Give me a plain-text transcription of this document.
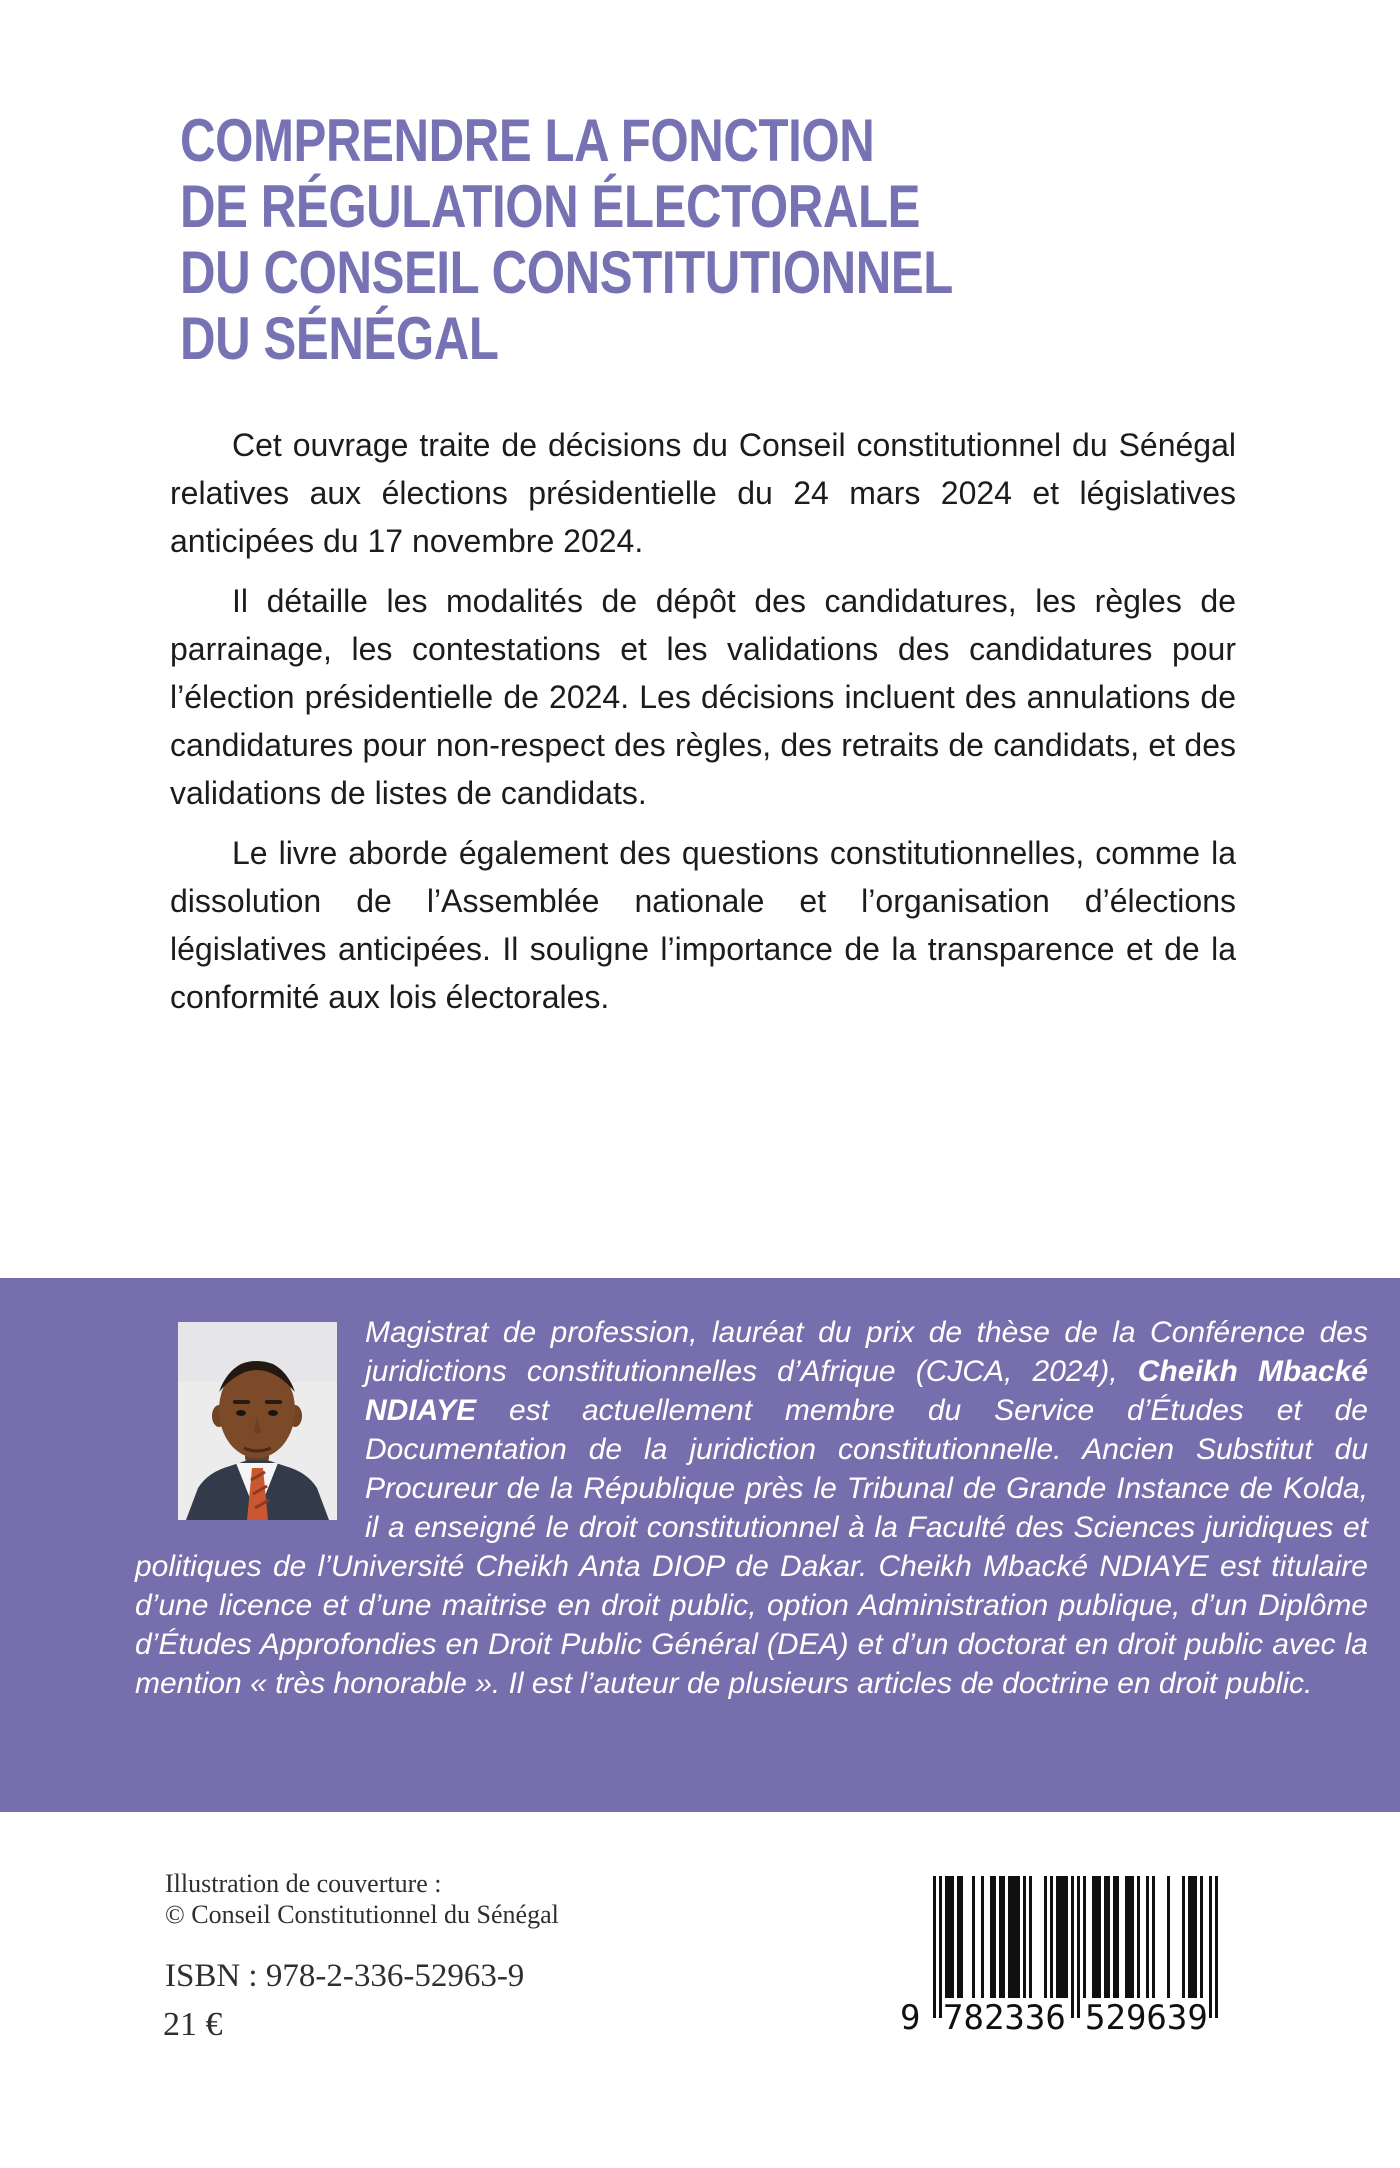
COMPRENDRE LA FONCTION
DE RÉGULATION ÉLECTORALE
DU CONSEIL CONSTITUTIONNEL
DU SÉNÉGAL

Cet ouvrage traite de décisions du Conseil constitutionnel du Sénégal relatives aux élections présidentielle du 24 mars 2024 et législatives anticipées du 17 novembre 2024.

Il détaille les modalités de dépôt des candidatures, les règles de parrainage, les contestations et les validations des candidatures pour l’élection présidentielle de 2024. Les décisions incluent des annulations de candidatures pour non-respect des règles, des retraits de candidats, et des validations de listes de candidats.

Le livre aborde également des questions constitutionnelles, comme la dissolution de l’Assemblée nationale et l’organisation d’élections législatives anticipées. Il souligne l’importance de la transparence et de la conformité aux lois électorales.

Magistrat de profession, lauréat du prix de thèse de la Conférence des juridictions constitutionnelles d’Afrique (CJCA, 2024), Cheikh Mbacké NDIAYE est actuellement membre du Service d’Études et de Documentation de la juridiction constitutionnelle. Ancien Substitut du Procureur de la République près le Tribunal de Grande Instance de Kolda, il a enseigné le droit constitutionnel à la Faculté des Sciences juridiques et politiques de l’Université Cheikh Anta DIOP de Dakar. Cheikh Mbacké NDIAYE est titulaire d’une licence et d’une maitrise en droit public, option Administration publique, d’un Diplôme d’Études Approfondies en Droit Public Général (DEA) et d’un doctorat en droit public avec la mention « très honorable ». Il est l’auteur de plusieurs articles de doctrine en droit public.

Illustration de couverture :
© Conseil Constitutionnel du Sénégal
ISBN : 978-2-336-52963-9
21 €	9 782336 529639
